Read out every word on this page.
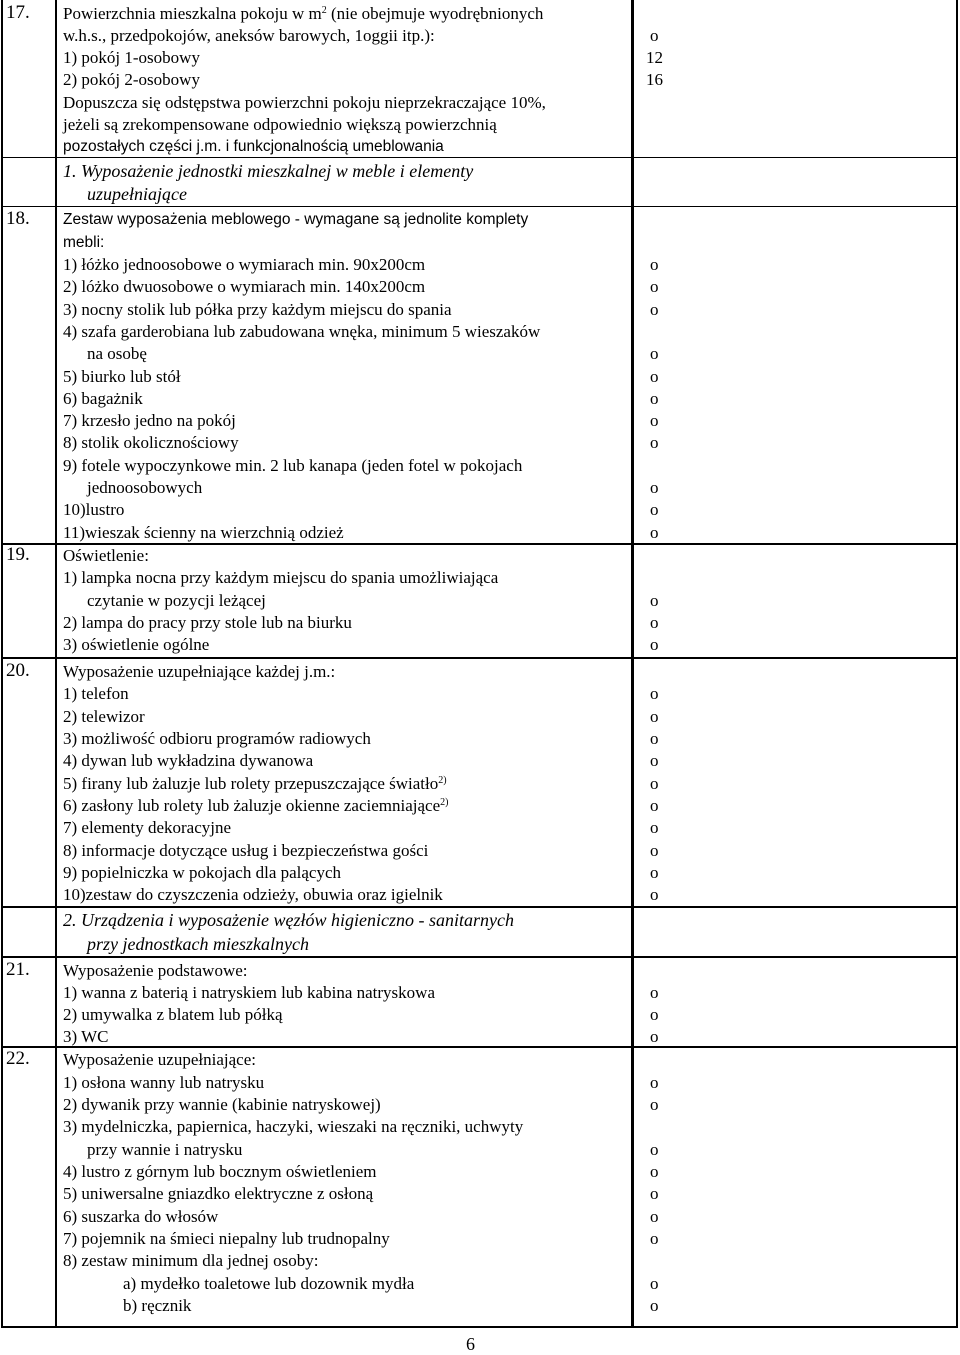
17. Powierzchnia mieszkalna pokoju w $m^2$ (nie obejmuje wyodrębnionych
w.h.s., przedpokojów, aneksów barowych, 1oggii itp.):	o
1) pokój 1-osobowy	12
2) pokój 2-osobowy	16
Dopuszcza się odstępstwa powierzchni pokoju nieprzekraczające 10%,
jeżeli są zrekompensowane odpowiednio większą powierzchnią
pozostałych części j.m. i funkcjonalnością umeblowania
1. Wyposażenie jednostki mieszkalnej w meble i elementy
uzupełniające
18. Zestaw wyposażenia meblowego - wymagane są jednolite komplety
mebli:
1) łóżko jednoosobowe o wymiarach min. 90x200cm	o
2) lóżko dwuosobowe o wymiarach min. 140x200cm	o
3) nocny stolik lub półka przy każdym miejscu do spania	o
4) szafa garderobiana lub zabudowana wnęka, minimum 5 wieszaków
na osobę	o
5) biurko lub stół	o
6) bagażnik	o
7) krzesło jedno na pokój	o
8) stolik okolicznościowy	o
9) fotele wypoczynkowe min. 2 lub kanapa (jeden fotel w pokojach
jednoosobowych	o
10)lustro	o
11)wieszak ścienny na wierzchnią odzież	o
19. Oświetlenie:
1) lampka nocna przy każdym miejscu do spania umożliwiająca
czytanie w pozycji leżącej	o
2) lampa do pracy przy stole lub na biurku	o
3) oświetlenie ogólne	o
20. Wyposażenie uzupełniające każdej j.m.:
1) telefon	o
2) telewizor	o
3) możliwość odbioru programów radiowych	o
4) dywan lub wykładzina dywanowa	o
5) firany lub żaluzje lub rolety przepuszczające światło$^{2)}$	o
6) zasłony lub rolety lub żaluzje okienne zaciemniające$^{2)}$	o
7) elementy dekoracyjne	o
8) informacje dotyczące usług i bezpieczeństwa gości	o
9) popielniczka w pokojach dla palących	o
10)zestaw do czyszczenia odzieży, obuwia oraz igielnik	o
2. Urządzenia i wyposażenie węzłów higieniczno - sanitarnych
przy jednostkach mieszkalnych
21. Wyposażenie podstawowe:
1) wanna z baterią i natryskiem lub kabina natryskowa	o
2) umywalka z blatem lub półką	o
3) WC	o
22. Wyposażenie uzupełniające:
1) osłona wanny lub natrysku	o
2) dywanik przy wannie (kabinie natryskowej)	o
3) mydelniczka, papiernica, haczyki, wieszaki na ręczniki, uchwyty
przy wannie i natrysku	o
4) lustro z górnym lub bocznym oświetleniem	o
5) uniwersalne gniazdko elektryczne z osłoną	o
6) suszarka do włosów	o
7) pojemnik na śmieci niepalny lub trudnopalny	o
8) zestaw minimum dla jednej osoby:
a) mydełko toaletowe lub dozownik mydła	o
b) ręcznik	o
6
